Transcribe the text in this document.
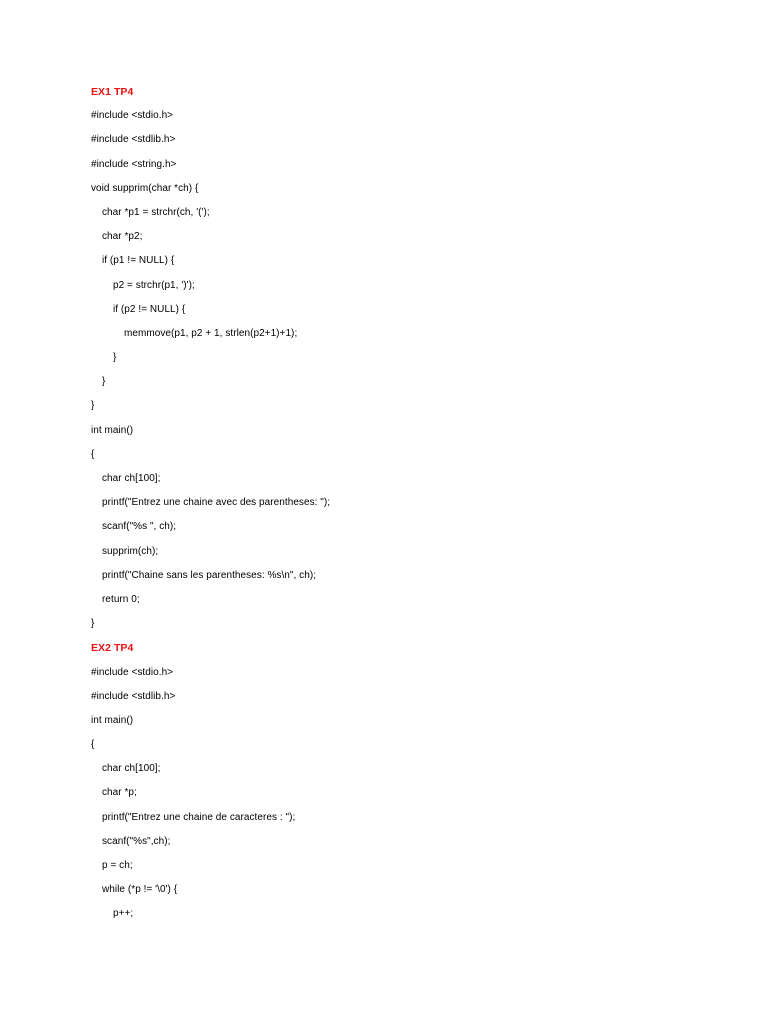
EX1 TP4
#include <stdio.h>
#include <stdlib.h>
#include <string.h>
void supprim(char *ch) {
char *p1 = strchr(ch, '(');
char *p2;
if (p1 != NULL) {
p2 = strchr(p1, ')');
if (p2 != NULL) {
memmove(p1, p2 + 1, strlen(p2+1)+1);
}
}
}
int main()
{
char ch[100];
printf("Entrez une chaine avec des parentheses: ");
scanf("%s ", ch);
supprim(ch);
printf("Chaine sans les parentheses: %s\n", ch);
return 0;
}
EX2 TP4
#include <stdio.h>
#include <stdlib.h>
int main()
{
char ch[100];
char *p;
printf("Entrez une chaine de caracteres : ");
scanf("%s",ch);
p = ch;
while (*p != '\0') {
p++;
